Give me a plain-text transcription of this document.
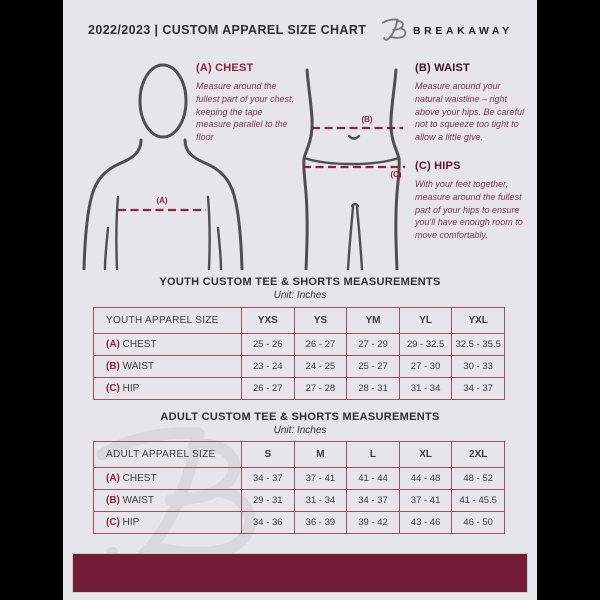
2022/2023 | CUSTOM APPAREL SIZE CHART	BREAKAWAY
(A)
(B)
(C)
(A) CHEST

Measure around the fullest part of your chest, keeping the tape measure parallel to the floor

(B) WAIST

Measure around your natural waistline – right above your hips. Be careful not to squeeze too tight to allow a little give.

(C) HIPS

With your feet together, measure around the fullest part of your hips to ensure you'll have enough room to move comfortably.

YOUTH CUSTOM TEE & SHORTS MEASUREMENTS
Unit: Inches
YOUTH APPAREL SIZE	YXS	YS	YM	YL	YXL
(A) CHEST	25 - 26	26 - 27	27 - 29	29 - 32.5	32.5 - 35.5
(B) WAIST	23 - 24	24 - 25	25 - 27	27 - 30	30 - 33
(C) HIP	26 - 27	27 - 28	28 - 31	31 - 34	34 - 37
ADULT CUSTOM TEE & SHORTS MEASUREMENTS
Unit: Inches
ADULT APPAREL SIZE	S	M	L	XL	2XL
(A) CHEST	34 - 37	37 - 41	41 - 44	44 - 48	48 - 52
(B) WAIST	29 - 31	31 - 34	34 - 37	37 - 41	41 - 45.5
(C) HIP	34 - 36	36 - 39	39 - 42	43 - 46	46 - 50
